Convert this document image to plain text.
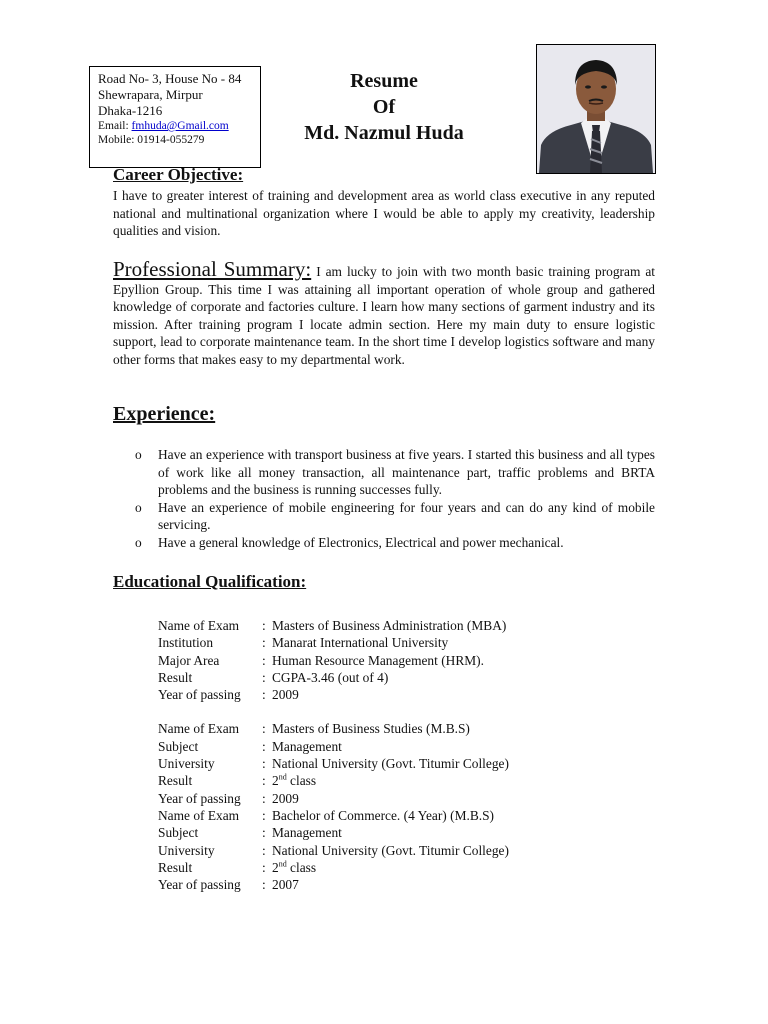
Road No- 3, House No - 84
Shewrapara, Mirpur
Dhaka-1216
Email: fmhuda@Gmail.com
Mobile: 01914-055279
Resume
Of
Md. Nazmul Huda
Career Objective:

I have to greater interest of training and development area as world class executive in any reputed national and multinational organization where I would be able to apply my creativity, leadership qualities and vision.

Professional Summary: I am lucky to join with two month basic training program at Epyllion Group. This time I was attaining all important operation of whole group and gathered knowledge of corporate and factories culture. I learn how many sections of garment industry and its mission. After training program I locate admin section. Here my main duty to ensure logistic support, lead to corporate maintenance team. In the short time I develop logistics software and many other forms that makes easy to my departmental work.

Experience:
o Have an experience with transport business at five years. I started this business and all types of work like all money transaction, all maintenance part, traffic problems and BRTA problems and the business is running successes fully.
o Have an experience of mobile engineering for four years and can do any kind of mobile servicing.
o Have a general knowledge of Electronics, Electrical and power mechanical.
Educational Qualification:
Name of Exam	:	Masters of Business Administration (MBA)
Institution	:	Manarat International University
Major Area	:	Human Resource Management (HRM).
Result	:	CGPA-3.46 (out of 4)
Year of passing	:	2009

Name of Exam	:	Masters of Business Studies (M.B.S)
Subject	:	Management
University	:	National University (Govt. Titumir College)
Result	:	2nd class
Year of passing	:	2009
Name of Exam	:	Bachelor of Commerce. (4 Year) (M.B.S)
Subject	:	Management
University	:	National University (Govt. Titumir College)
Result	:	2nd class
Year of passing	:	2007
